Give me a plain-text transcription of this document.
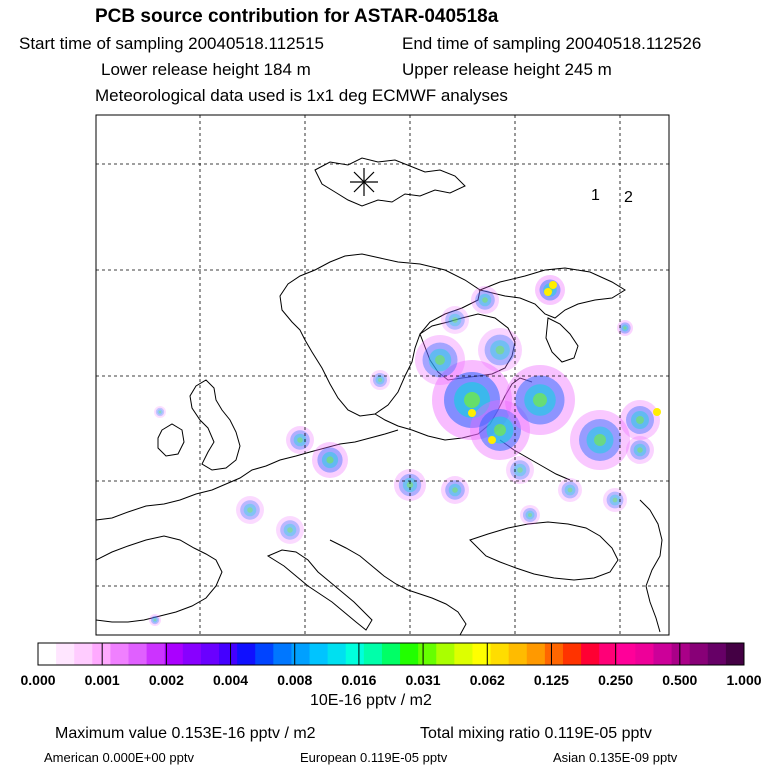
PCB source contribution for ASTAR-040518a
Start time of sampling 20040518.112515	End time of sampling 20040518.112526
Lower release height 184 m	Upper release height 245 m
Meteorological data used is 1x1 deg ECMWF analyses
1 2
0.000 0.001 0.002 0.004 0.008 0.016 0.031 0.062 0.125 0.250 0.500 1.000
10E-16 pptv / m2
Maximum value 0.153E-16 pptv / m2	Total mixing ratio 0.119E-05 pptv
American 0.000E+00 pptv	European 0.119E-05 pptv	Asian 0.135E-09 pptv
